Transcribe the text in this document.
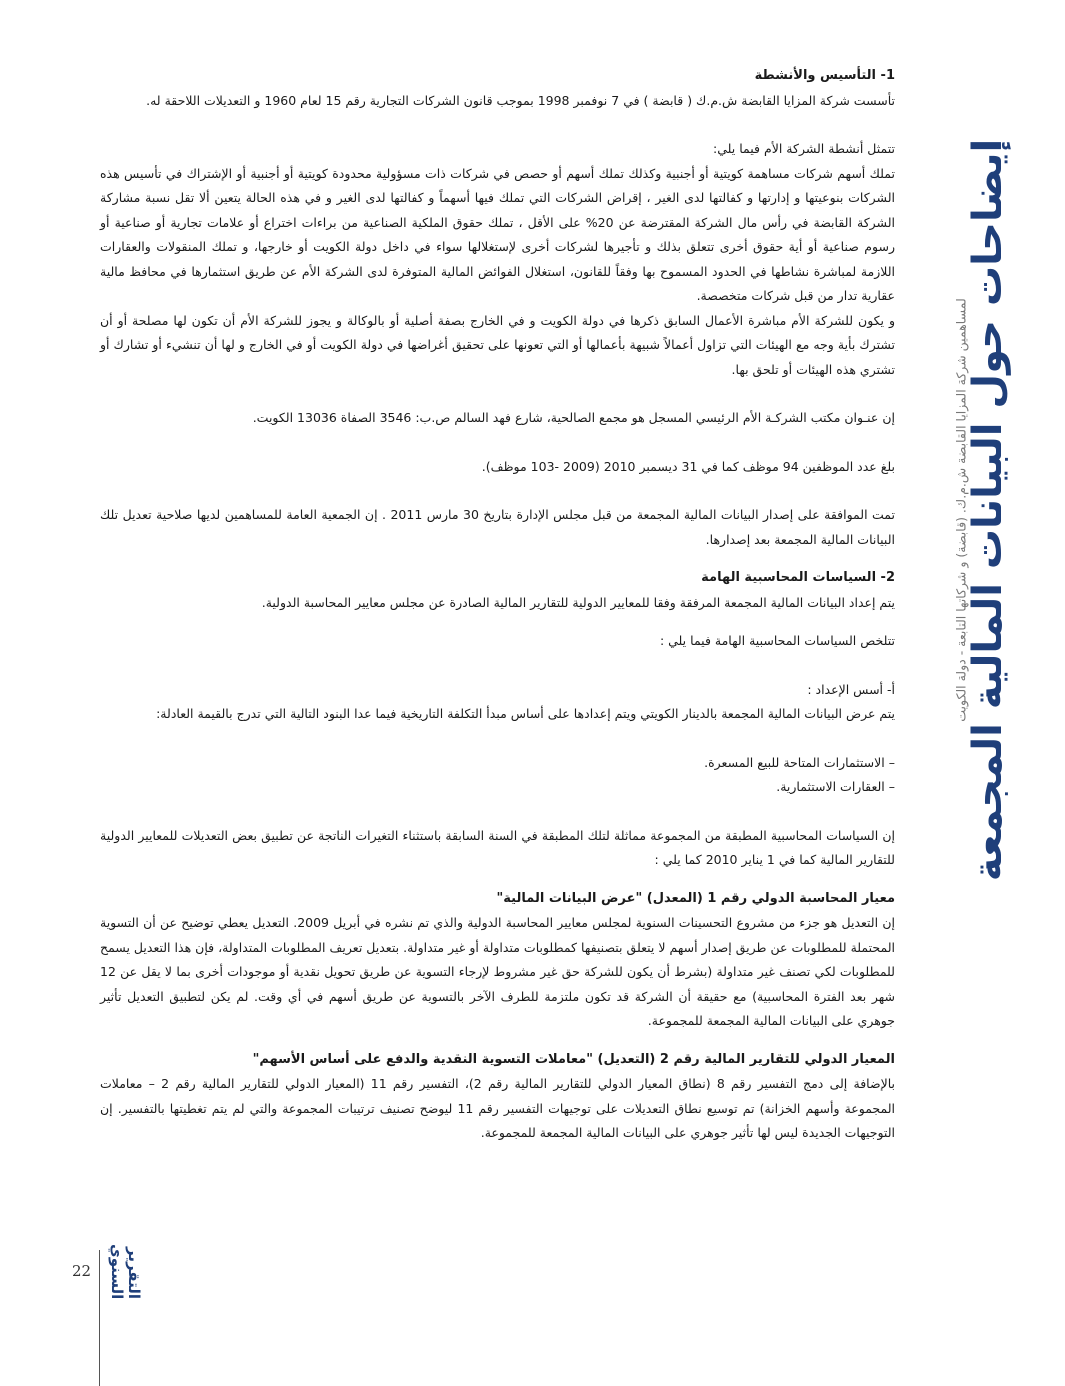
1- التأسيس والأنشطة

تأسست شركة المزايا القابضة ش.م.ك ( قابضة ) في 7 نوفمبر 1998 بموجب قانون الشركات التجارية رقم 15 لعام 1960 و التعديلات اللاحقة له.

تتمثل أنشطة الشركة الأم فيما يلي:

تملك أسهم شركات مساهمة كويتية أو أجنبية وكذلك تملك أسهم أو حصص في شركات ذات مسؤولية محدودة كويتية أو أجنبية أو الإشتراك في تأسيس هذه الشركات بنوعيتها و إدارتها و كفالتها لدى الغير ، إقراض الشركات التي تملك فيها أسهماً و كفالتها لدى الغير و في هذه الحالة يتعين ألا تقل نسبة مشاركة الشركة القابضة في رأس مال الشركة المقترضة عن 20% على الأقل ، تملك حقوق الملكية الصناعية من براءات اختراع أو علامات تجارية أو صناعية أو رسوم صناعية أو أية حقوق أخرى تتعلق بذلك و تأجيرها لشركات أخرى لإستغلالها سواء في داخل دولة الكويت أو خارجها، و تملك المنقولات والعقارات اللازمة لمباشرة نشاطها في الحدود المسموح بها وفقاً للقانون، استغلال الفوائض المالية المتوفرة لدى الشركة الأم عن طريق استثمارها في محافظ مالية عقارية تدار من قبل شركات متخصصة.

و يكون للشركة الأم مباشرة الأعمال السابق ذكرها في دولة الكويت و في الخارج بصفة أصلية أو بالوكالة و يجوز للشركة الأم أن تكون لها مصلحة أو أن تشترك بأية وجه مع الهيئات التي تزاول أعمالاً شبيهة بأعمالها أو التي تعونها على تحقيق أغراضها في دولة الكويت أو في الخارج و لها أن تنشيء أو تشارك أو تشتري هذه الهيئات أو تلحق بها.

إن عنـوان مكتب الشركـة الأم الرئيسي المسجل هو مجمع الصالحية، شارع فهد السالم ص.ب: 3546 الصفاة 13036 الكويت.

بلغ عدد الموظفين 94 موظف كما في 31 ديسمبر 2010 (2009 -103 موظف).

تمت الموافقة على إصدار البيانات المالية المجمعة من قبل مجلس الإدارة بتاريخ 30 مارس 2011 . إن الجمعية العامة للمساهمين لديها صلاحية تعديل تلك البيانات المالية المجمعة بعد إصدارها.

2- السياسات المحاسبية الهامة

يتم إعداد البيانات المالية المجمعة المرفقة وفقا للمعايير الدولية للتقارير المالية الصادرة عن مجلس معايير المحاسبة الدولية.

تتلخص السياسات المحاسبية الهامة فيما يلي :

أ- أسس الإعداد :

يتم عرض البيانات المالية المجمعة بالدينار الكويتي ويتم إعدادها على أساس مبدأ التكلفة التاريخية فيما عدا البنود التالية التي تدرج بالقيمة العادلة:

– الاستثمارات المتاحة للبيع المسعرة.

– العقارات الاستثمارية.

إن السياسات المحاسبية المطبقة من المجموعة مماثلة لتلك المطبقة في السنة السابقة باستثناء التغيرات الناتجة عن تطبيق بعض التعديلات للمعايير الدولية للتقارير المالية كما في 1 يناير 2010 كما يلي :

معيار المحاسبة الدولي رقم 1 (المعدل) "عرض البيانات المالية"

إن التعديل هو جزء من مشروع التحسينات السنوية لمجلس معايير المحاسبة الدولية والذي تم نشره في أبريل 2009. التعديل يعطي توضيح عن أن التسوية المحتملة للمطلوبات عن طريق إصدار أسهم لا يتعلق بتصنيفها كمطلوبات متداولة أو غير متداولة. بتعديل تعريف المطلوبات المتداولة، فإن هذا التعديل يسمح للمطلوبات لكي تصنف غير متداولة (بشرط أن يكون للشركة حق غير مشروط لإرجاء التسوية عن طريق تحويل نقدية أو موجودات أخرى بما لا يقل عن 12 شهر بعد الفترة المحاسبية) مع حقيقة أن الشركة قد تكون ملتزمة للطرف الآخر بالتسوية عن طريق أسهم في أي وقت. لم يكن لتطبيق التعديل تأثير جوهري على البيانات المالية المجمعة للمجموعة.

المعيار الدولي للتقارير المالية رقم 2 (التعديل) "معاملات التسوية النقدية والدفع على أساس الأسهم"

بالإضافة إلى دمج التفسير رقم 8 (نطاق المعيار الدولي للتقارير المالية رقم 2)، التفسير رقم 11 (المعيار الدولي للتقارير المالية رقم 2 – معاملات المجموعة وأسهم الخزانة) تم توسيع نطاق التعديلات على توجيهات التفسير رقم 11 ليوضح تصنيف ترتيبات المجموعة والتي لم يتم تغطيتها بالتفسير. إن التوجيهات الجديدة ليس لها تأثير جوهري على البيانات المالية المجمعة للمجموعة.

إيضاحات حول البيانات المالية المجمعة
لمساهمين شركة المزايا القابضة ش.م.ك. (قابضة) و شركاتها التابعة - دولة الكويت
22	التقرير السنوي
